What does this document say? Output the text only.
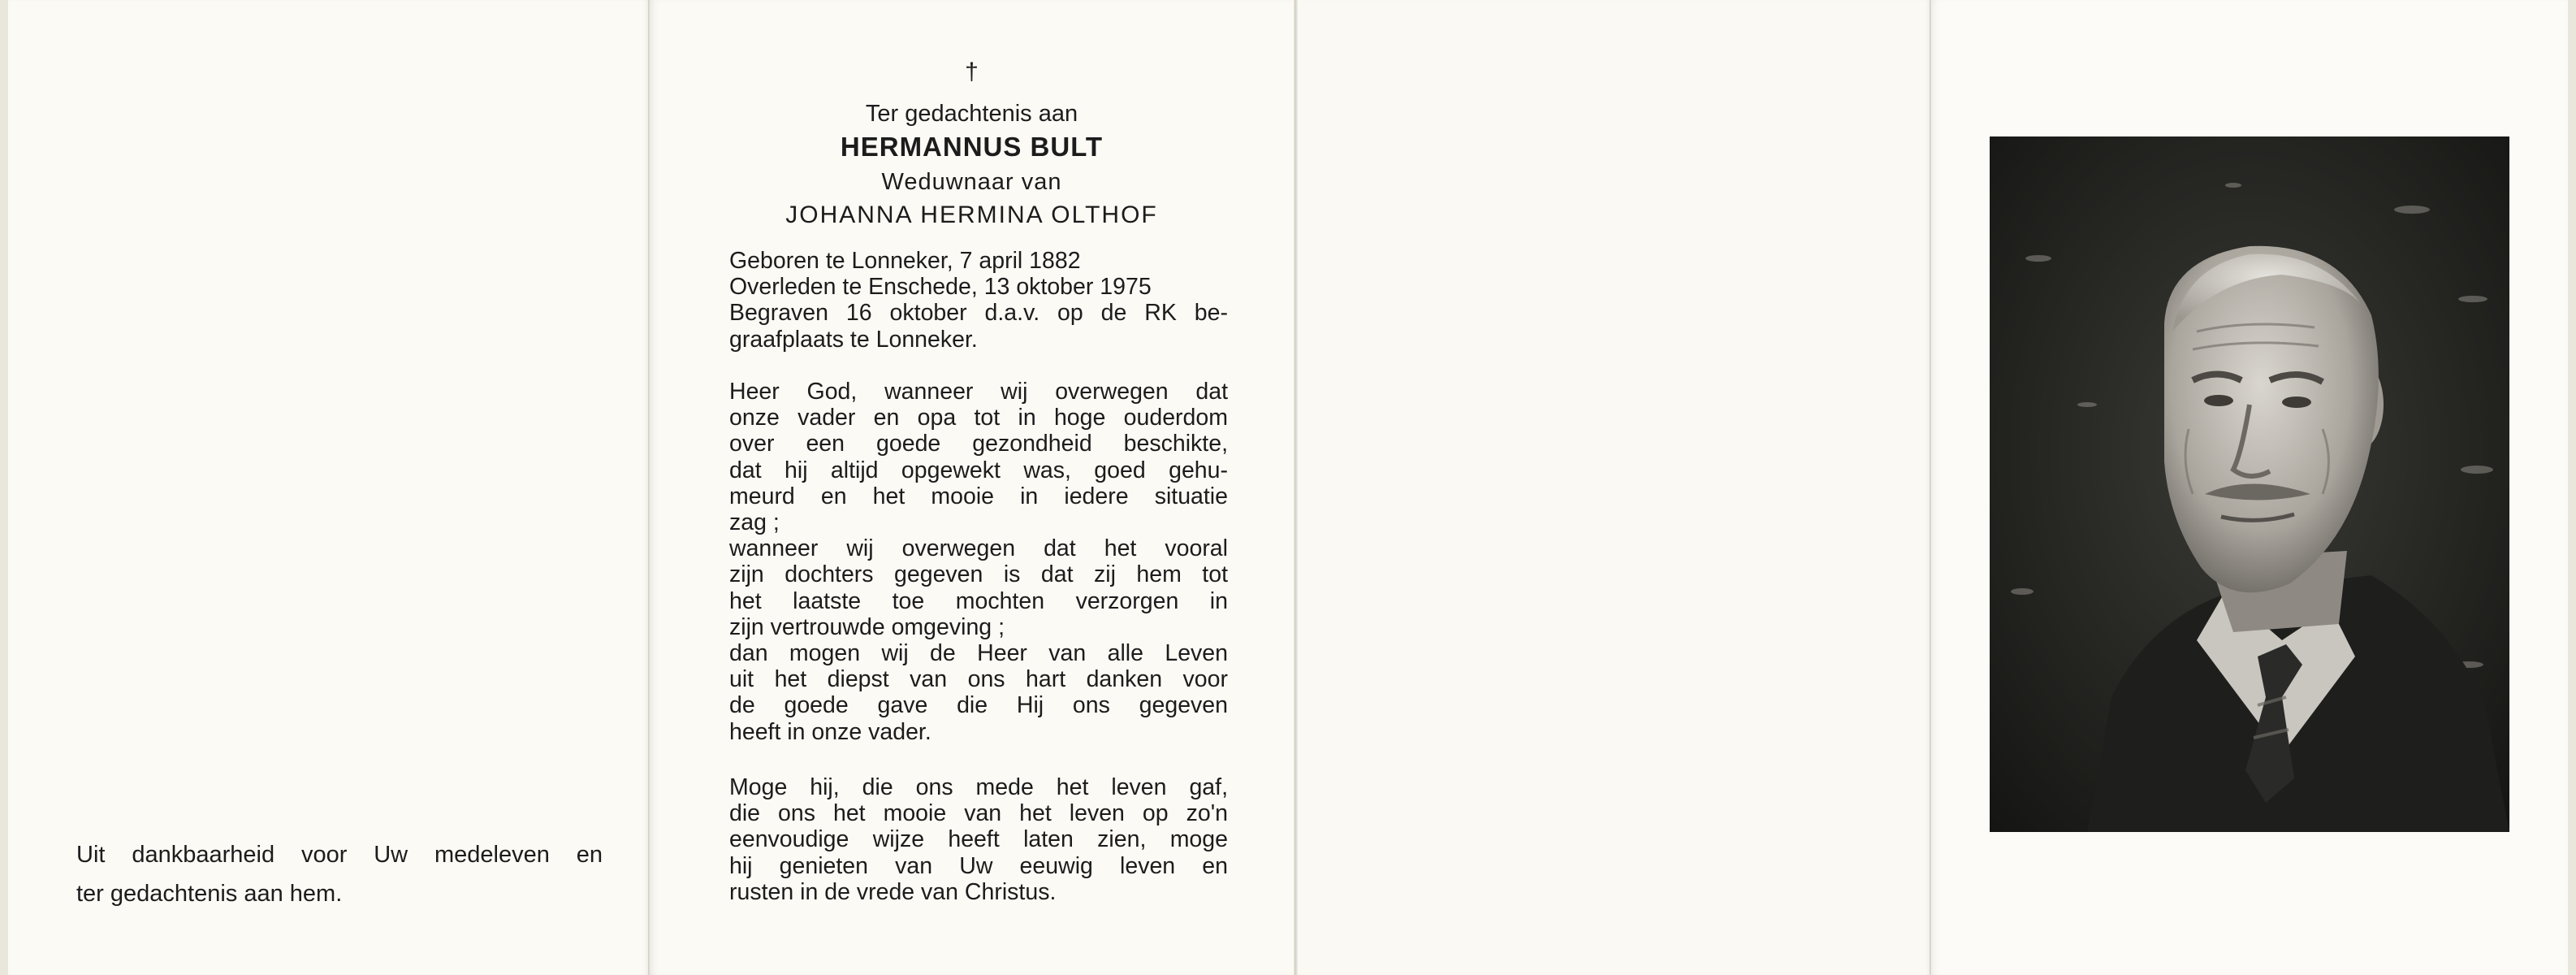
Uit dankbaarheid voor Uw medeleven en
ter gedachtenis aan hem.
†
Ter gedachtenis aan
HERMANNUS BULT
Weduwnaar van
JOHANNA HERMINA OLTHOF
Geboren te Lonneker, 7 april 1882
Overleden te Enschede, 13 oktober 1975
Begraven 16 oktober d.a.v. op de RK be-
graafplaats te Lonneker.
Heer God, wanneer wij overwegen dat
onze vader en opa tot in hoge ouderdom
over een goede gezondheid beschikte,
dat hij altijd opgewekt was, goed gehu-
meurd en het mooie in iedere situatie
zag ;
wanneer wij overwegen dat het vooral
zijn dochters gegeven is dat zij hem tot
het laatste toe mochten verzorgen in
zijn vertrouwde omgeving ;
dan mogen wij de Heer van alle Leven
uit het diepst van ons hart danken voor
de goede gave die Hij ons gegeven
heeft in onze vader.
Moge hij, die ons mede het leven gaf,
die ons het mooie van het leven op zo'n
eenvoudige wijze heeft laten zien, moge
hij genieten van Uw eeuwig leven en
rusten in de vrede van Christus.
